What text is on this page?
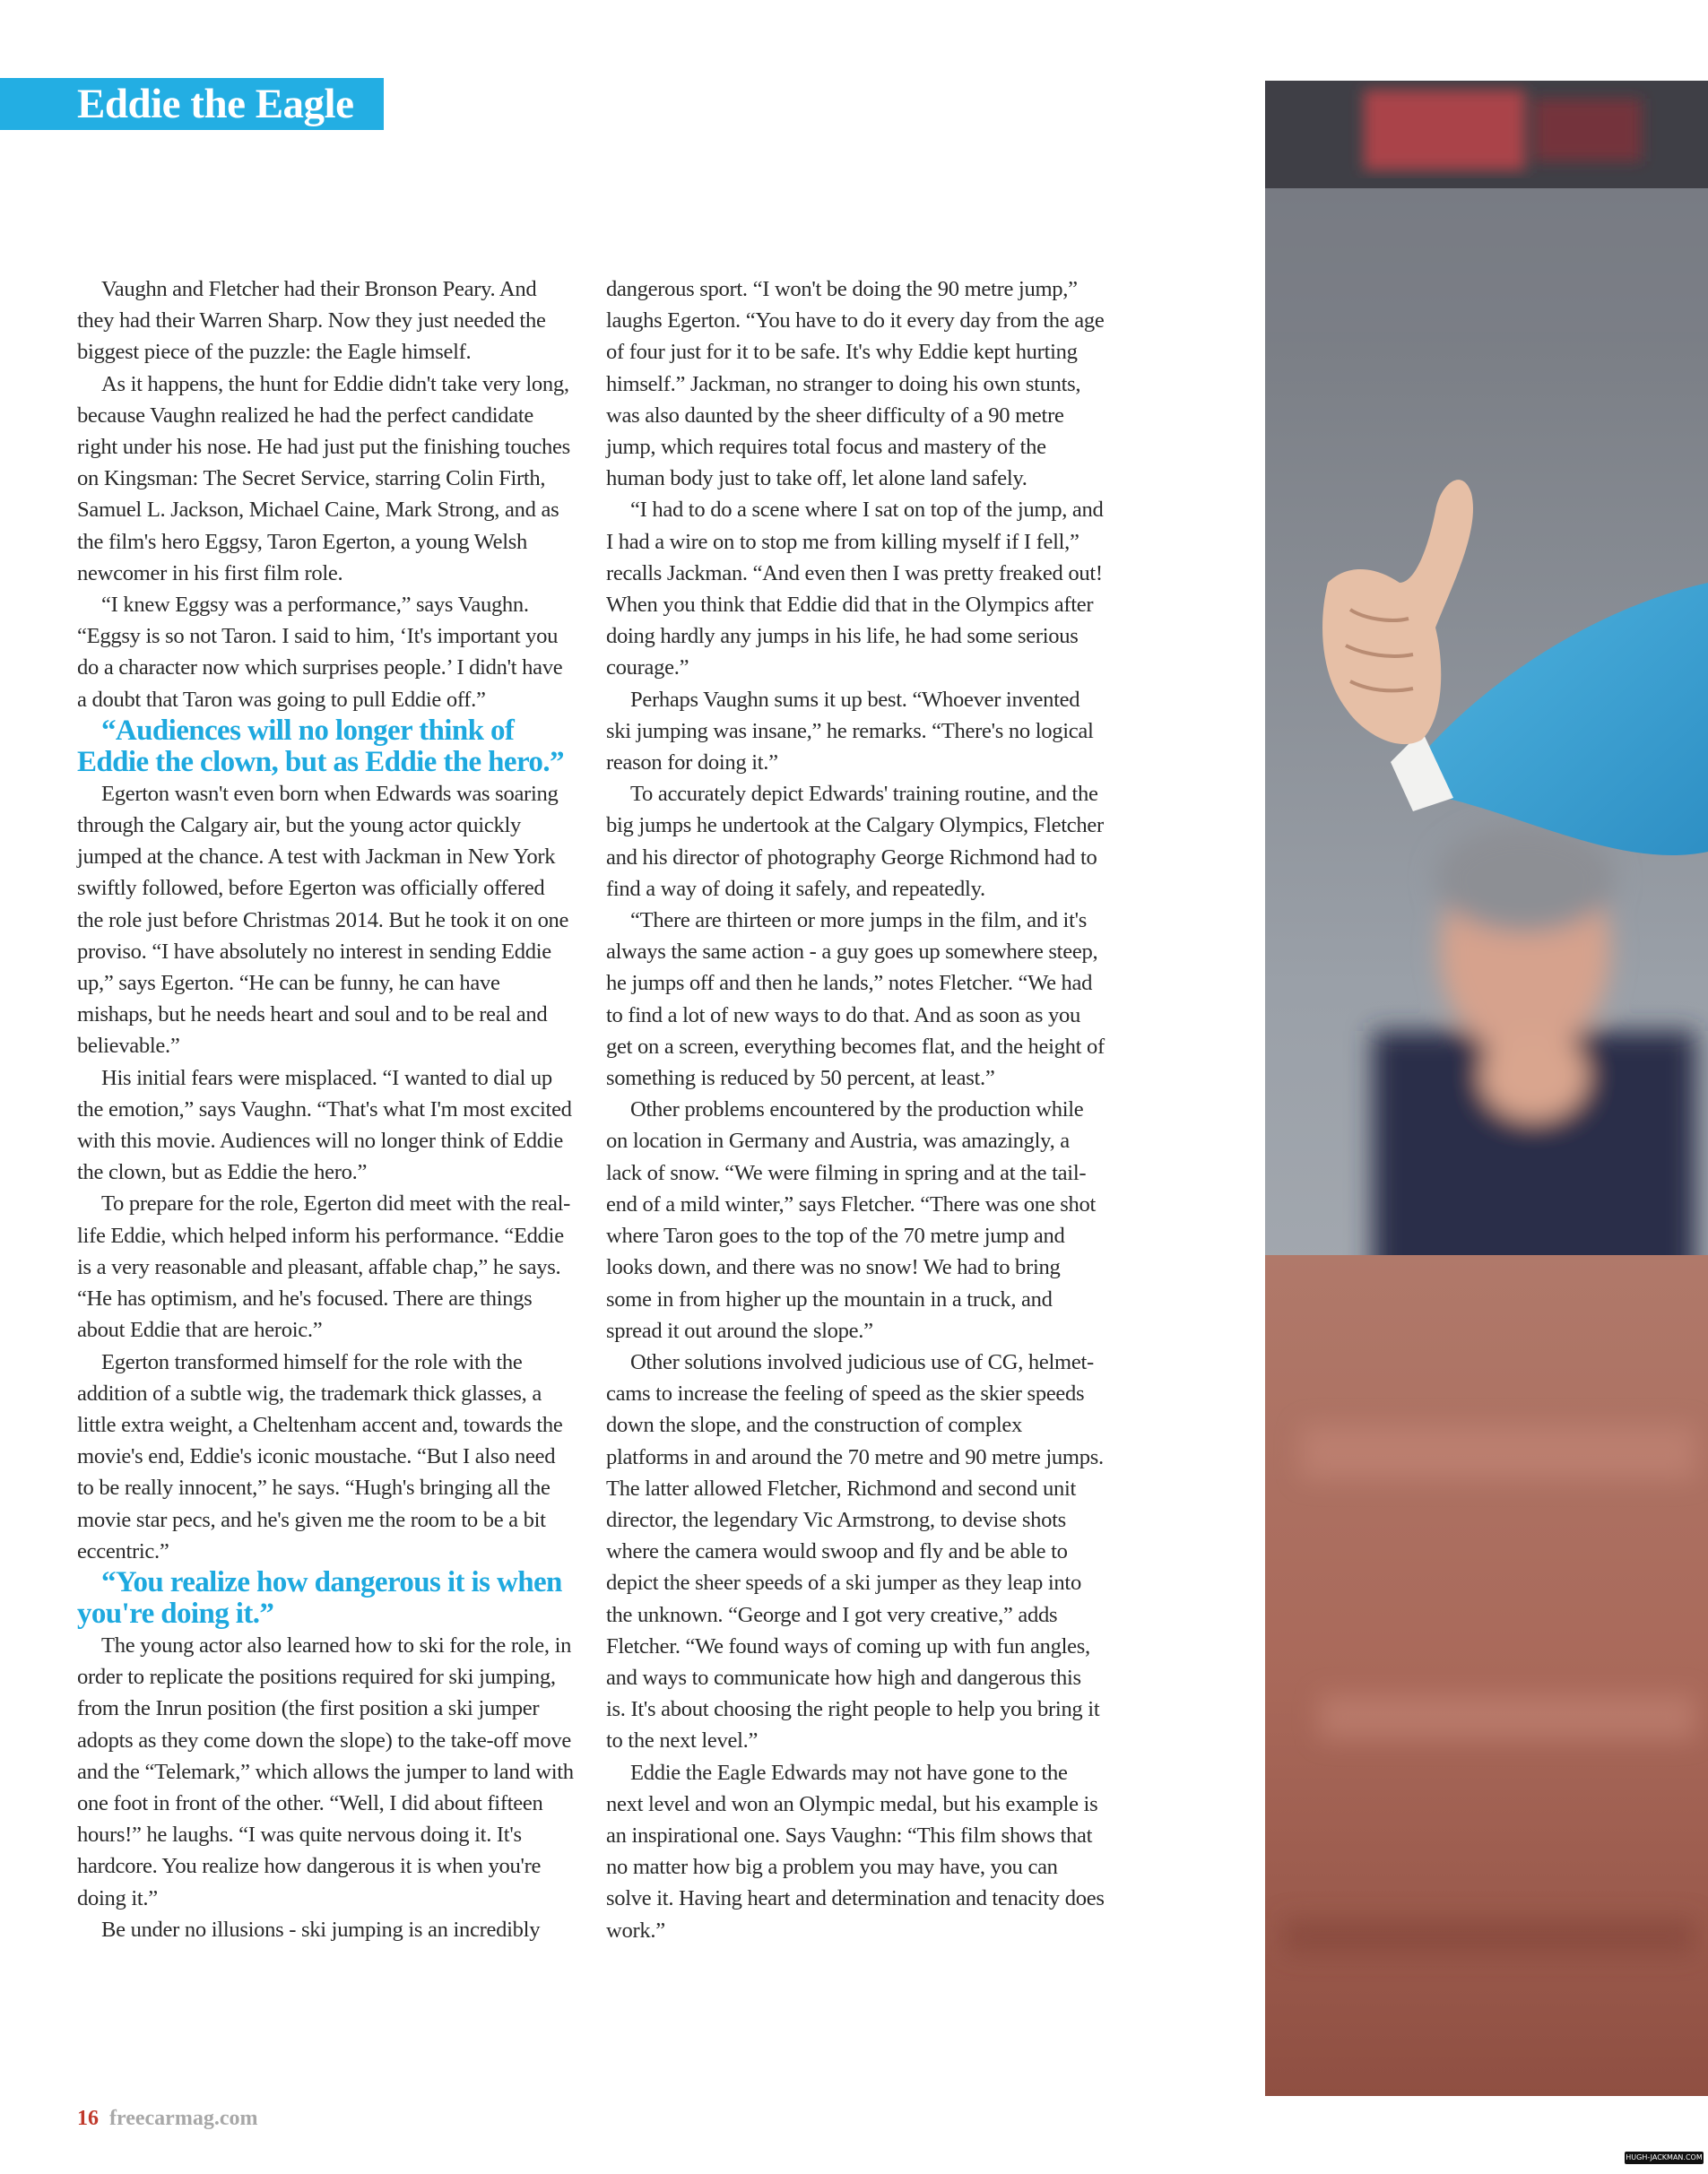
Eddie the Eagle

Vaughn and Fletcher had their Bronson Peary. And they had their Warren Sharp. Now they just needed the biggest piece of the puzzle: the Eagle himself.

As it happens, the hunt for Eddie didn't take very long, because Vaughn realized he had the perfect candidate right under his nose. He had just put the finishing touches on Kingsman: The Secret Service, starring Colin Firth, Samuel L. Jackson, Michael Caine, Mark Strong, and as the film's hero Eggsy, Taron Egerton, a young Welsh newcomer in his first film role.

“I knew Eggsy was a performance,” says Vaughn. “Eggsy is so not Taron. I said to him, ‘It's important you do a character now which surprises people.’ I didn't have a doubt that Taron was going to pull Eddie off.”

“Audiences will no longer think of Eddie the clown, but as Eddie the hero.”

Egerton wasn't even born when Edwards was soaring through the Calgary air, but the young actor quickly jumped at the chance. A test with Jackman in New York swiftly followed, before Egerton was officially offered the role just before Christmas 2014. But he took it on one proviso. “I have absolutely no interest in sending Eddie up,” says Egerton. “He can be funny, he can have mishaps, but he needs heart and soul and to be real and believable.”

His initial fears were misplaced. “I wanted to dial up the emotion,” says Vaughn. “That's what I'm most excited with this movie. Audiences will no longer think of Eddie the clown, but as Eddie the hero.”

To prepare for the role, Egerton did meet with the real-life Eddie, which helped inform his performance. “Eddie is a very reasonable and pleasant, affable chap,” he says. “He has optimism, and he's focused. There are things about Eddie that are heroic.”

Egerton transformed himself for the role with the addition of a subtle wig, the trademark thick glasses, a little extra weight, a Cheltenham accent and, towards the movie's end, Eddie's iconic moustache. “But I also need to be really innocent,” he says. “Hugh's bringing all the movie star pecs, and he's given me the room to be a bit eccentric.”

“You realize how dangerous it is when you're doing it.”

The young actor also learned how to ski for the role, in order to replicate the positions required for ski jumping, from the Inrun position (the first position a ski jumper adopts as they come down the slope) to the take-off move and the “Telemark,” which allows the jumper to land with one foot in front of the other. “Well, I did about fifteen hours!” he laughs. “I was quite nervous doing it. It's hardcore. You realize how dangerous it is when you're doing it.”

Be under no illusions - ski jumping is an incredibly

dangerous sport. “I won't be doing the 90 metre jump,” laughs Egerton. “You have to do it every day from the age of four just for it to be safe. It's why Eddie kept hurting himself.” Jackman, no stranger to doing his own stunts, was also daunted by the sheer difficulty of a 90 metre jump, which requires total focus and mastery of the human body just to take off, let alone land safely.

“I had to do a scene where I sat on top of the jump, and I had a wire on to stop me from killing myself if I fell,” recalls Jackman. “And even then I was pretty freaked out! When you think that Eddie did that in the Olympics after doing hardly any jumps in his life, he had some serious courage.”

Perhaps Vaughn sums it up best. “Whoever invented ski jumping was insane,” he remarks. “There's no logical reason for doing it.”

To accurately depict Edwards' training routine, and the big jumps he undertook at the Calgary Olympics, Fletcher and his director of photography George Richmond had to find a way of doing it safely, and repeatedly.

“There are thirteen or more jumps in the film, and it's always the same action - a guy goes up somewhere steep, he jumps off and then he lands,” notes Fletcher. “We had to find a lot of new ways to do that. And as soon as you get on a screen, everything becomes flat, and the height of something is reduced by 50 percent, at least.”

Other problems encountered by the production while on location in Germany and Austria, was amazingly, a lack of snow. “We were filming in spring and at the tail-end of a mild winter,” says Fletcher. “There was one shot where Taron goes to the top of the 70 metre jump and looks down, and there was no snow! We had to bring some in from higher up the mountain in a truck, and spread it out around the slope.”

Other solutions involved judicious use of CG, helmet-cams to increase the feeling of speed as the skier speeds down the slope, and the construction of complex platforms in and around the 70 metre and 90 metre jumps. The latter allowed Fletcher, Richmond and second unit director, the legendary Vic Armstrong, to devise shots where the camera would swoop and fly and be able to depict the sheer speeds of a ski jumper as they leap into the unknown. “George and I got very creative,” adds Fletcher. “We found ways of coming up with fun angles, and ways to communicate how high and dangerous this is. It's about choosing the right people to help you bring it to the next level.”

Eddie the Eagle Edwards may not have gone to the next level and won an Olympic medal, but his example is an inspirational one. Says Vaughn: “This film shows that no matter how big a problem you may have, you can solve it. Having heart and determination and tenacity does work.”

16 freecarmag.com
HUGH-JACKMAN.COM
